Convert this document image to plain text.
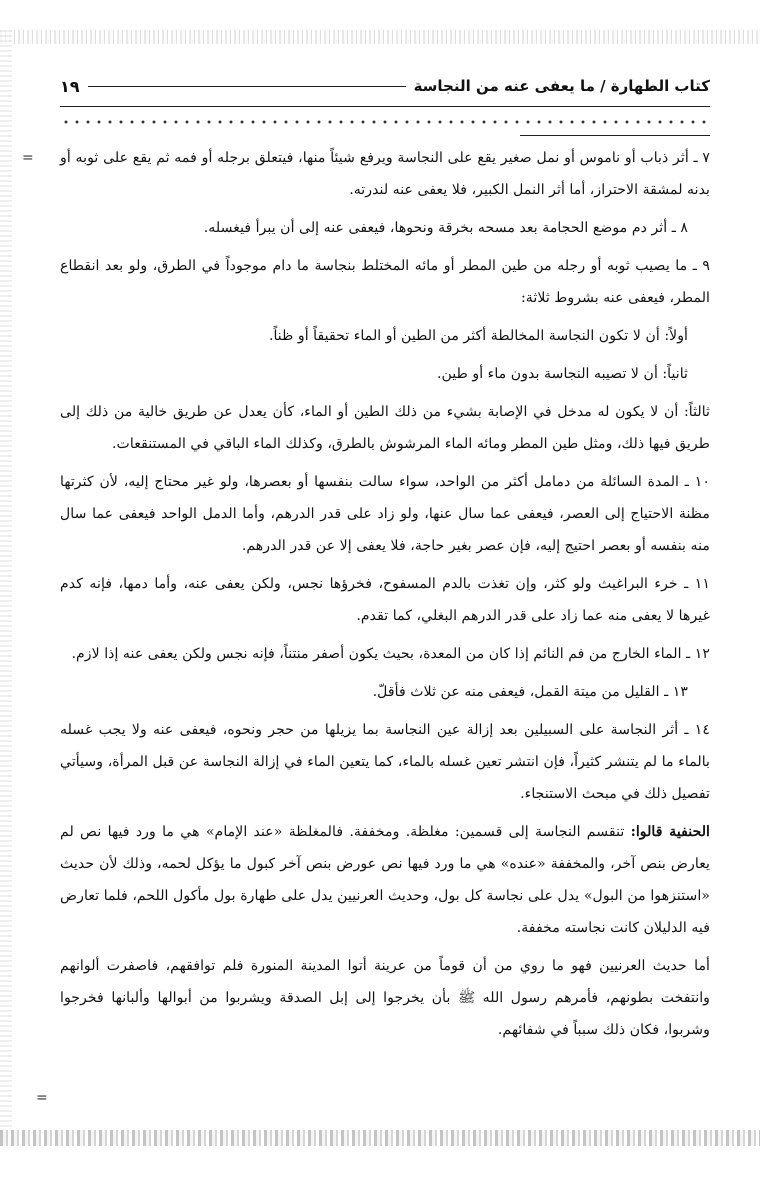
=
=
كتاب الطهارة / ما يعفى عنه من النجاسة
١٩

٧ ـ أثر ذباب أو ناموس أو نمل صغير يقع على النجاسة ويرفع شيئاً منها، فيتعلق برجله أو فمه ثم يقع على ثوبه أو بدنه لمشقة الاحتراز، أما أثر النمل الكبير، فلا يعفى عنه لندرته.

٨ ـ أثر دم موضع الحجامة بعد مسحه بخرقة ونحوها، فيعفى عنه إلى أن يبرأ فيغسله.

٩ ـ ما يصيب ثوبه أو رجله من طين المطر أو مائه المختلط بنجاسة ما دام موجوداً في الطرق، ولو بعد انقطاع المطر، فيعفى عنه بشروط ثلاثة:

أولاً: أن لا تكون النجاسة المخالطة أكثر من الطين أو الماء تحقيقاً أو ظناً.

ثانياً: أن لا تصيبه النجاسة بدون ماء أو طين.

ثالثاً: أن لا يكون له مدخل في الإصابة بشيء من ذلك الطين أو الماء، كأن يعدل عن طريق خالية من ذلك إلى طريق فيها ذلك، ومثل طين المطر ومائه الماء المرشوش بالطرق، وكذلك الماء الباقي في المستنقعات.

١٠ ـ المدة السائلة من دمامل أكثر من الواحد، سواء سالت بنفسها أو بعصرها، ولو غير محتاج إليه، لأن كثرتها مظنة الاحتياج إلى العصر، فيعفى عما سال عنها، ولو زاد على قدر الدرهم، وأما الدمل الواحد فيعفى عما سال منه بنفسه أو بعصر احتيج إليه، فإن عصر بغير حاجة، فلا يعفى إلا عن قدر الدرهم.

١١ ـ خرء البراغيث ولو كثر، وإن تغذت بالدم المسفوح، فخرؤها نجس، ولكن يعفى عنه، وأما دمها، فإنه كدم غيرها لا يعفى منه عما زاد على قدر الدرهم البغلي، كما تقدم.

١٢ ـ الماء الخارج من فم النائم إذا كان من المعدة، بحيث يكون أصفر منتناً، فإنه نجس ولكن يعفى عنه إذا لازم.

١٣ ـ القليل من ميتة القمل، فيعفى منه عن ثلاث فأقلّ.

١٤ ـ أثر النجاسة على السبيلين بعد إزالة عين النجاسة بما يزيلها من حجر ونحوه، فيعفى عنه ولا يجب غسله بالماء ما لم يتنشر كثيراً، فإن انتشر تعين غسله بالماء، كما يتعين الماء في إزالة النجاسة عن قبل المرأة، وسيأتي تفصيل ذلك في مبحث الاستنجاء.

الحنفية قالوا: تنقسم النجاسة إلى قسمين: مغلظة. ومخففة. فالمغلظة «عند الإمام» هي ما ورد فيها نص لم يعارض بنص آخر، والمخففة «عنده» هي ما ورد فيها نص عورض بنص آخر كبول ما يؤكل لحمه، وذلك لأن حديث «استنزهوا من البول» يدل على نجاسة كل بول، وحديث العرنيين يدل على طهارة بول مأكول اللحم، فلما تعارض فيه الدليلان كانت نجاسته مخففة.

أما حديث العرنيين فهو ما روي من أن قوماً من عرينة أتوا المدينة المنورة فلم توافقهم، فاصفرت ألوانهم وانتفخت بطونهم، فأمرهم رسول الله ﷺ بأن يخرجوا إلى إبل الصدقة ويشربوا من أبوالها وألبانها فخرجوا وشربوا، فكان ذلك سبباً في شفائهم.
